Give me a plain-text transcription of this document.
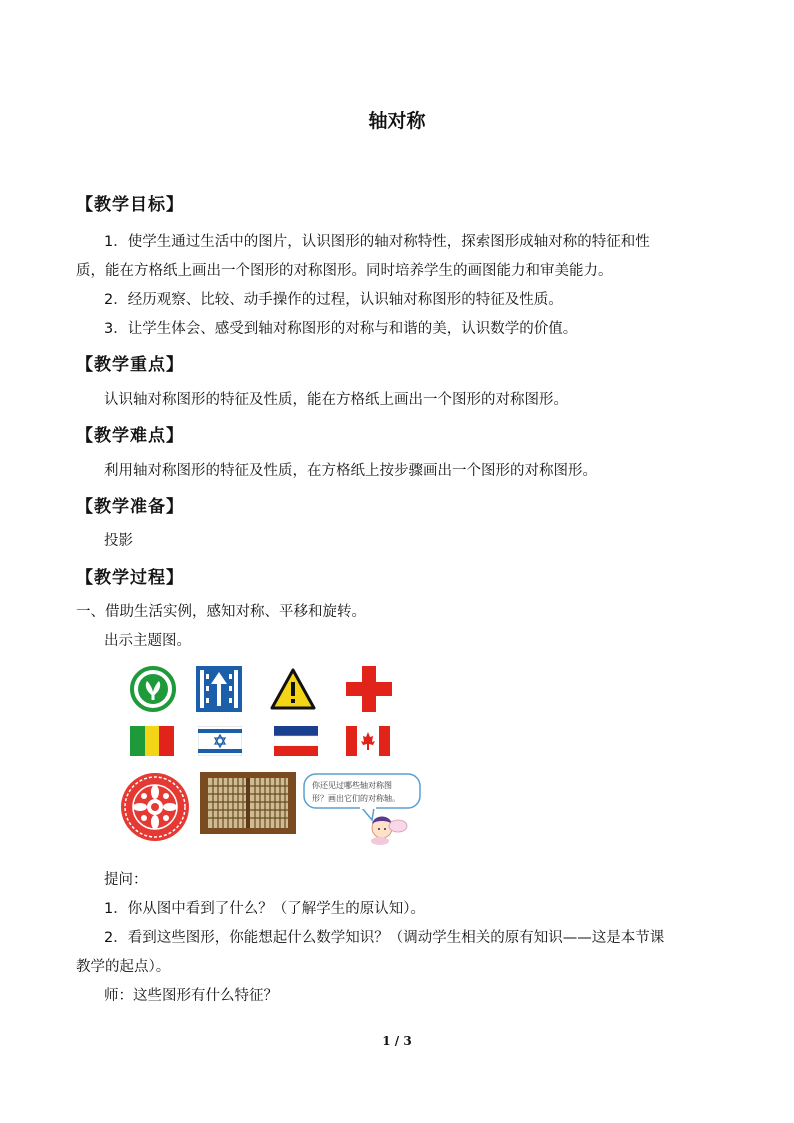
轴对称
【教学目标】
1．使学生通过生活中的图片，认识图形的轴对称特性，探索图形成轴对称的特征和性
质，能在方格纸上画出一个图形的对称图形。同时培养学生的画图能力和审美能力。
2．经历观察、比较、动手操作的过程，认识轴对称图形的特征及性质。
3．让学生体会、感受到轴对称图形的对称与和谐的美，认识数学的价值。
【教学重点】
认识轴对称图形的特征及性质，能在方格纸上画出一个图形的对称图形。
【教学难点】
利用轴对称图形的特征及性质，在方格纸上按步骤画出一个图形的对称图形。
【教学准备】
投影
【教学过程】
一、借助生活实例，感知对称、平移和旋转。
出示主题图。
你还见过哪些轴对称图
形？画出它们的对称轴。
提问：
1．你从图中看到了什么？（了解学生的原认知）。
2．看到这些图形，你能想起什么数学知识？（调动学生相关的原有知识——这是本节课
教学的起点）。
师：这些图形有什么特征？
1 / 3
